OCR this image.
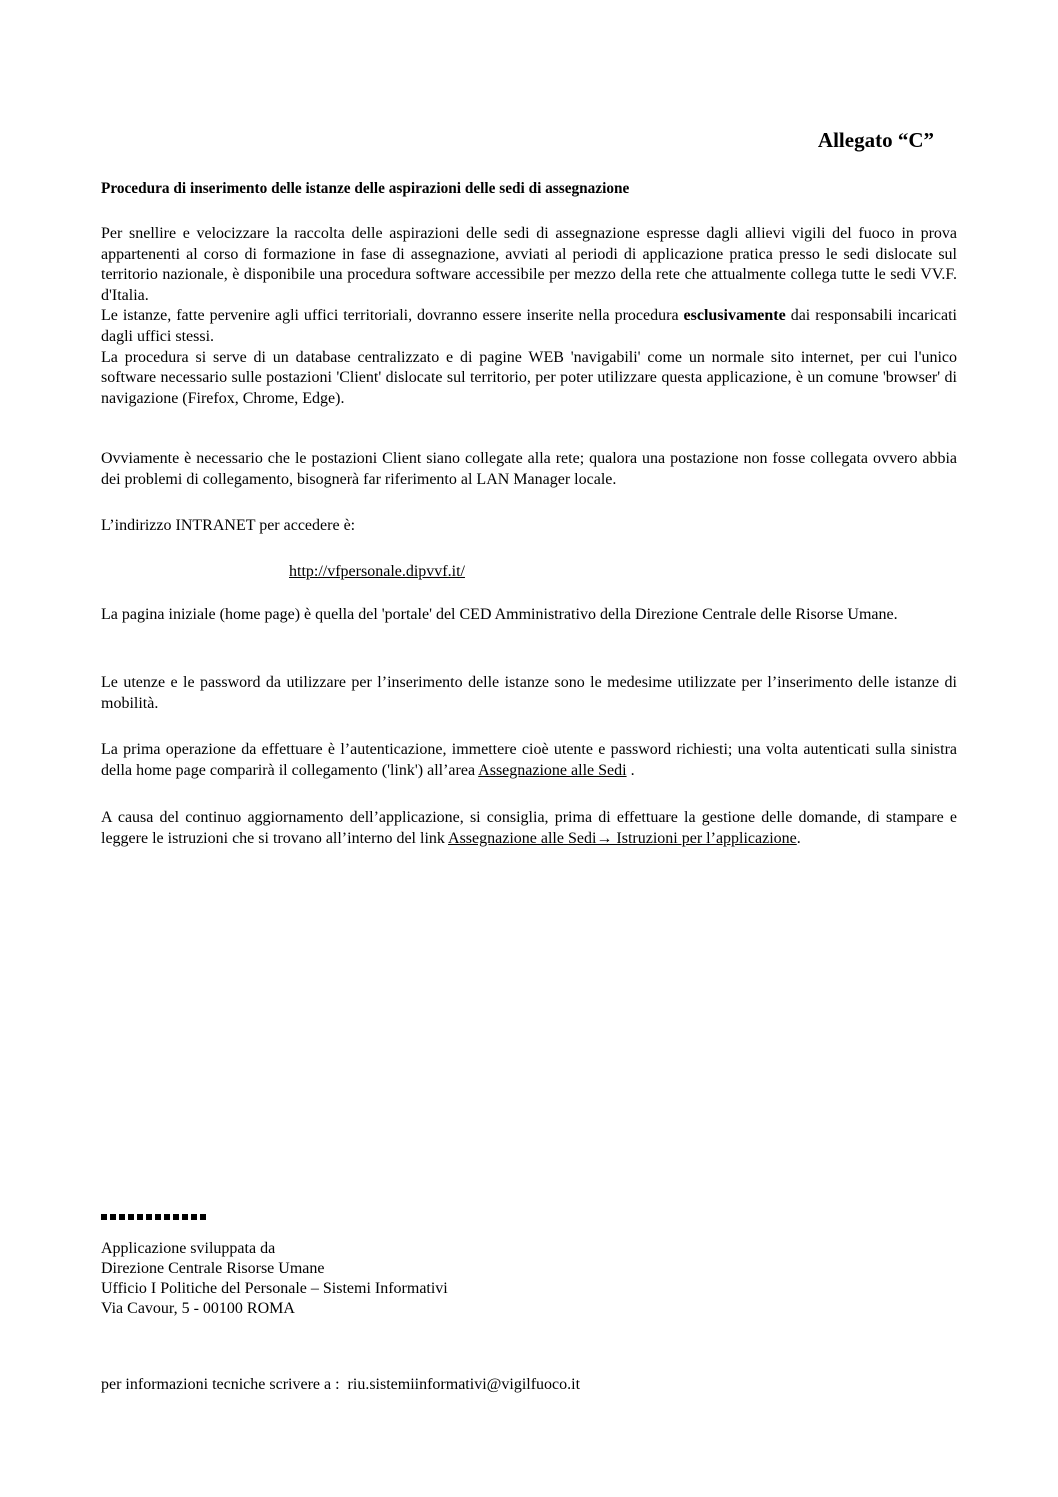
Allegato “C”
Procedura di inserimento delle istanze delle aspirazioni delle sedi di assegnazione

Per snellire e velocizzare la raccolta delle aspirazioni delle sedi di assegnazione espresse dagli allievi vigili del fuoco in prova appartenenti al corso di formazione in fase di assegnazione, avviati al periodi di applicazione pratica presso le sedi dislocate sul territorio nazionale, è disponibile una procedura software accessibile per mezzo della rete che attualmente collega tutte le sedi VV.F. d'Italia.

Le istanze, fatte pervenire agli uffici territoriali, dovranno essere inserite nella procedura esclusivamente dai responsabili incaricati dagli uffici stessi.

La procedura si serve di un database centralizzato e di pagine WEB 'navigabili' come un normale sito internet, per cui l'unico software necessario sulle postazioni 'Client' dislocate sul territorio, per poter utilizzare questa applicazione, è un comune 'browser' di navigazione (Firefox, Chrome, Edge).

Ovviamente è necessario che le postazioni Client siano collegate alla rete; qualora una postazione non fosse collegata ovvero abbia dei problemi di collegamento, bisognerà far riferimento al LAN Manager locale.

L’indirizzo INTRANET per accedere è:

http://vfpersonale.dipvvf.it/

La pagina iniziale (home page) è quella del 'portale' del CED Amministrativo della Direzione Centrale delle Risorse Umane.

Le utenze e le password da utilizzare per l’inserimento delle istanze sono le medesime utilizzate per l’inserimento delle istanze di mobilità.

La prima operazione da effettuare è l’autenticazione, immettere cioè utente e password richiesti; una volta autenticati sulla sinistra della home page comparirà il collegamento ('link') all’area Assegnazione alle Sedi .

A causa del continuo aggiornamento dell’applicazione, si consiglia, prima di effettuare la gestione delle domande, di stampare e leggere le istruzioni che si trovano all’interno del link Assegnazione alle Sedi→ Istruzioni per l’applicazione.

Applicazione sviluppata da
Direzione Centrale Risorse Umane
Ufficio I Politiche del Personale – Sistemi Informativi
Via Cavour, 5 - 00100 ROMA
per informazioni tecniche scrivere a : riu.sistemiinformativi@vigilfuoco.it
